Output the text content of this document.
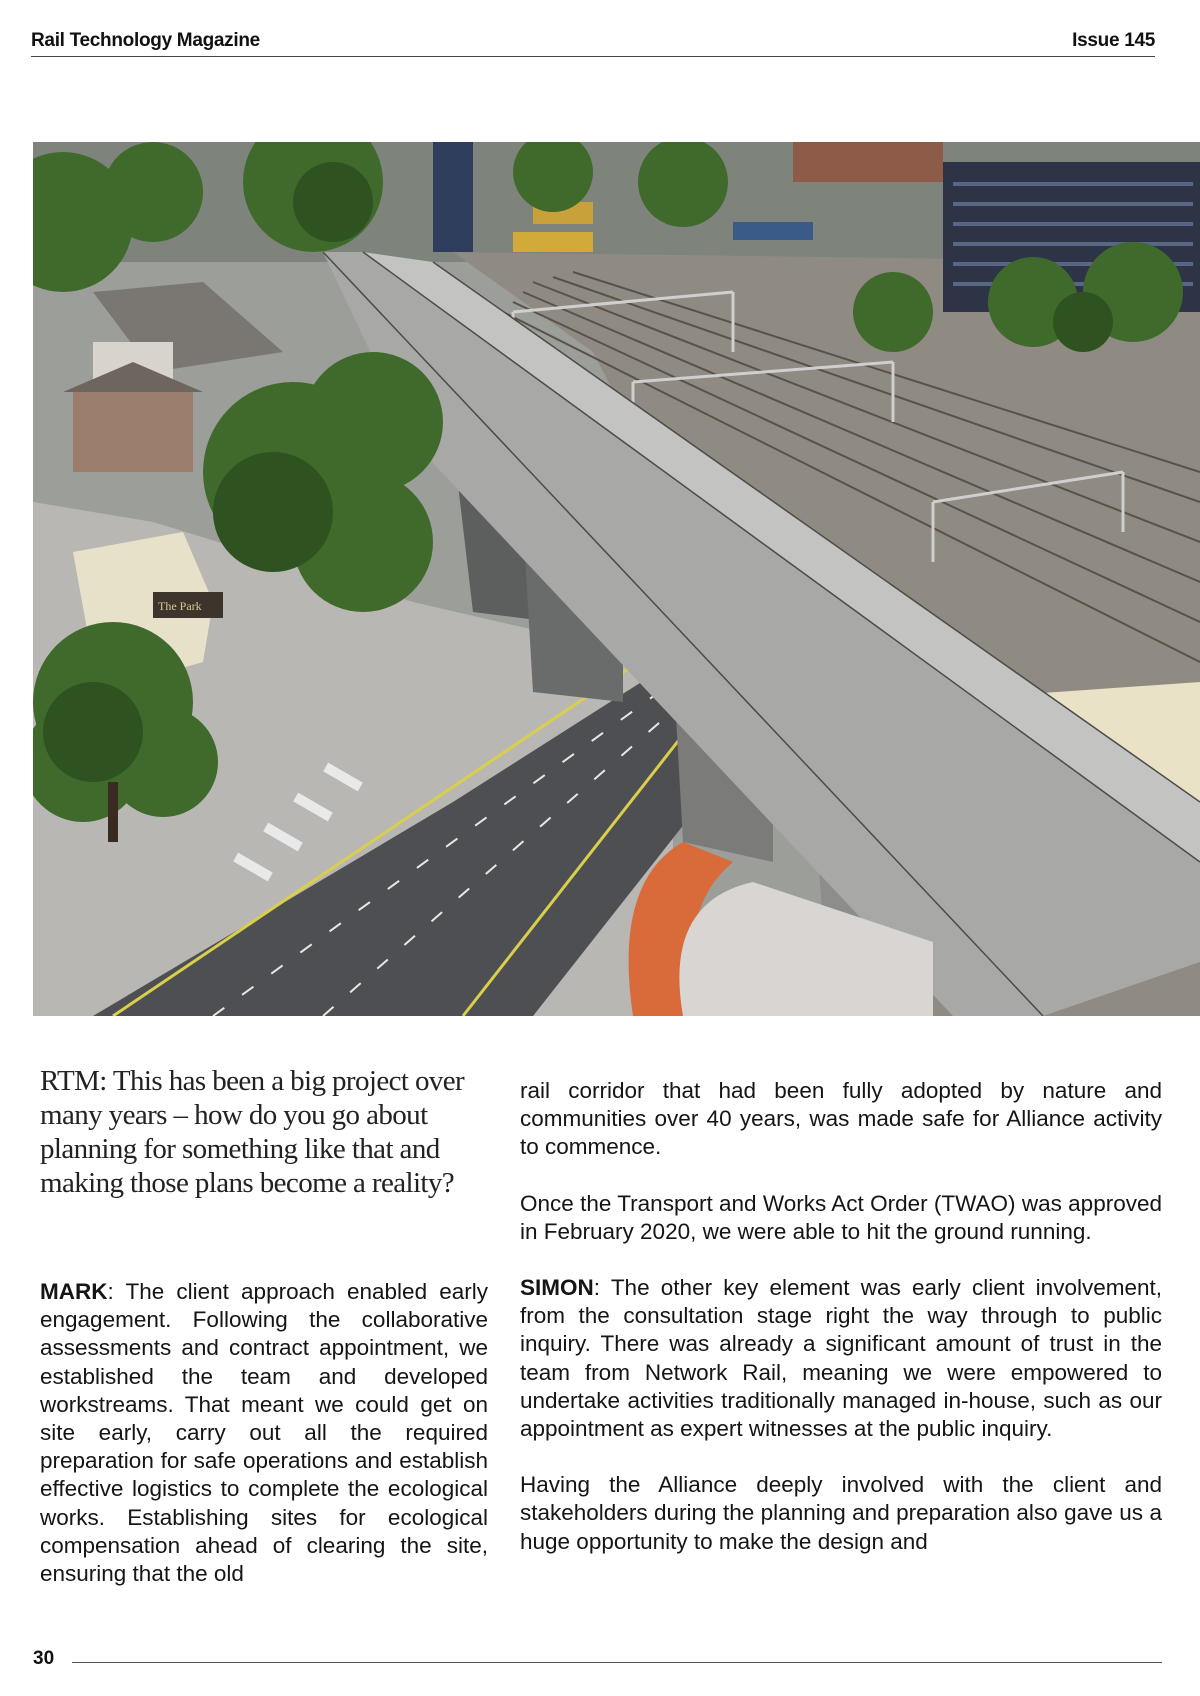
Rail Technology Magazine	Issue 145
The Park

RTM: This has been a big project over many years – how do you go about planning for something like that and making those plans become a reality?

MARK: The client approach enabled early engagement. Following the collaborative assessments and contract appointment, we established the team and developed workstreams. That meant we could get on site early, carry out all the required preparation for safe operations and establish effective logistics to complete the ecological works. Establishing sites for ecological compensation ahead of clearing the site, ensuring that the old

rail corridor that had been fully adopted by nature and communities over 40 years, was made safe for Alliance activity to commence.

Once the Transport and Works Act Order (TWAO) was approved in February 2020, we were able to hit the ground running.

SIMON: The other key element was early client involvement, from the consultation stage right the way through to public inquiry. There was already a significant amount of trust in the team from Network Rail, meaning we were empowered to undertake activities traditionally managed in-house, such as our appointment as expert witnesses at the public inquiry.

Having the Alliance deeply involved with the client and stakeholders during the planning and preparation also gave us a huge opportunity to make the design and

30
